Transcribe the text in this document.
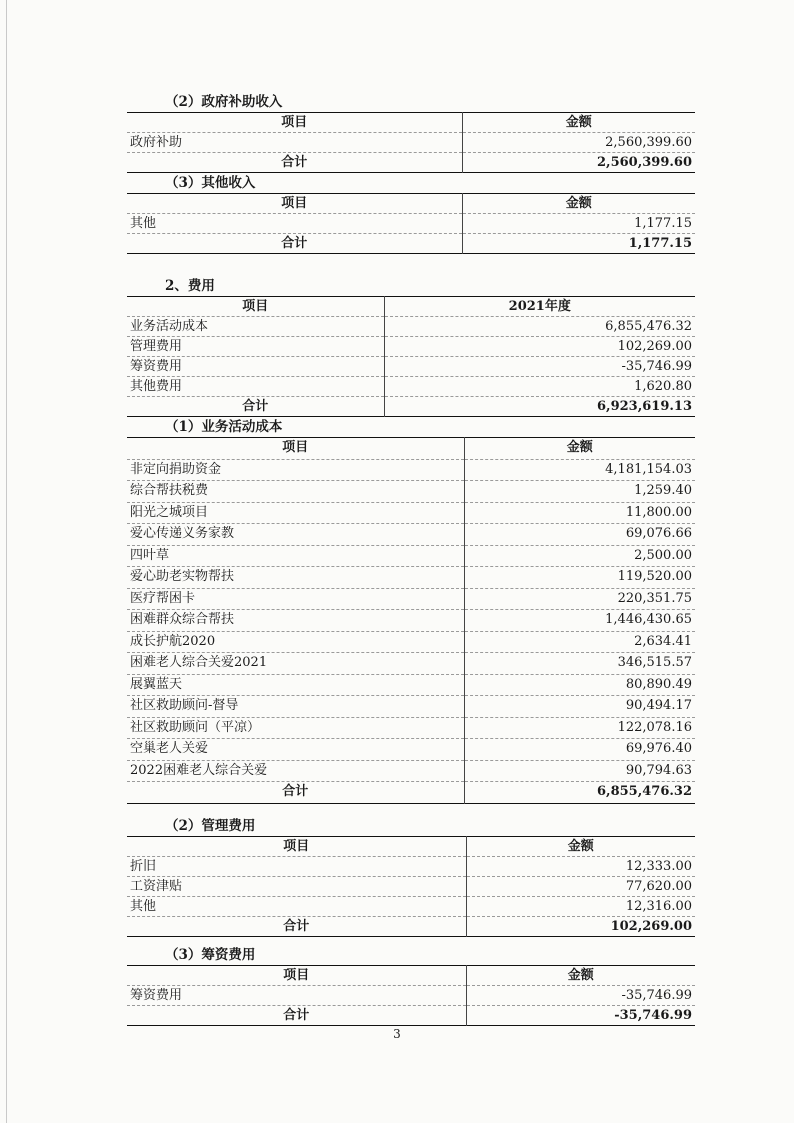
（2）政府补助收入
项目	金额
政府补助	2,560,399.60
合计	2,560,399.60
（3）其他收入
项目	金额
其他	1,177.15
合计	1,177.15
2、费用
项目	2021年度
业务活动成本	6,855,476.32
管理费用	102,269.00
筹资费用	-35,746.99
其他费用	1,620.80
合计	6,923,619.13
（1）业务活动成本
项目	金额
非定向捐助资金	4,181,154.03
综合帮扶税费	1,259.40
阳光之城项目	11,800.00
爱心传递义务家教	69,076.66
四叶草	2,500.00
爱心助老实物帮扶	119,520.00
医疗帮困卡	220,351.75
困难群众综合帮扶	1,446,430.65
成长护航2020	2,634.41
困难老人综合关爱2021	346,515.57
展翼蓝天	80,890.49
社区救助顾问-督导	90,494.17
社区救助顾问（平凉）	122,078.16
空巢老人关爱	69,976.40
2022困难老人综合关爱	90,794.63
合计	6,855,476.32
（2）管理费用
项目	金额
折旧	12,333.00
工资津贴	77,620.00
其他	12,316.00
合计	102,269.00
（3）筹资费用
项目	金额
筹资费用	-35,746.99
合计	-35,746.99
3
